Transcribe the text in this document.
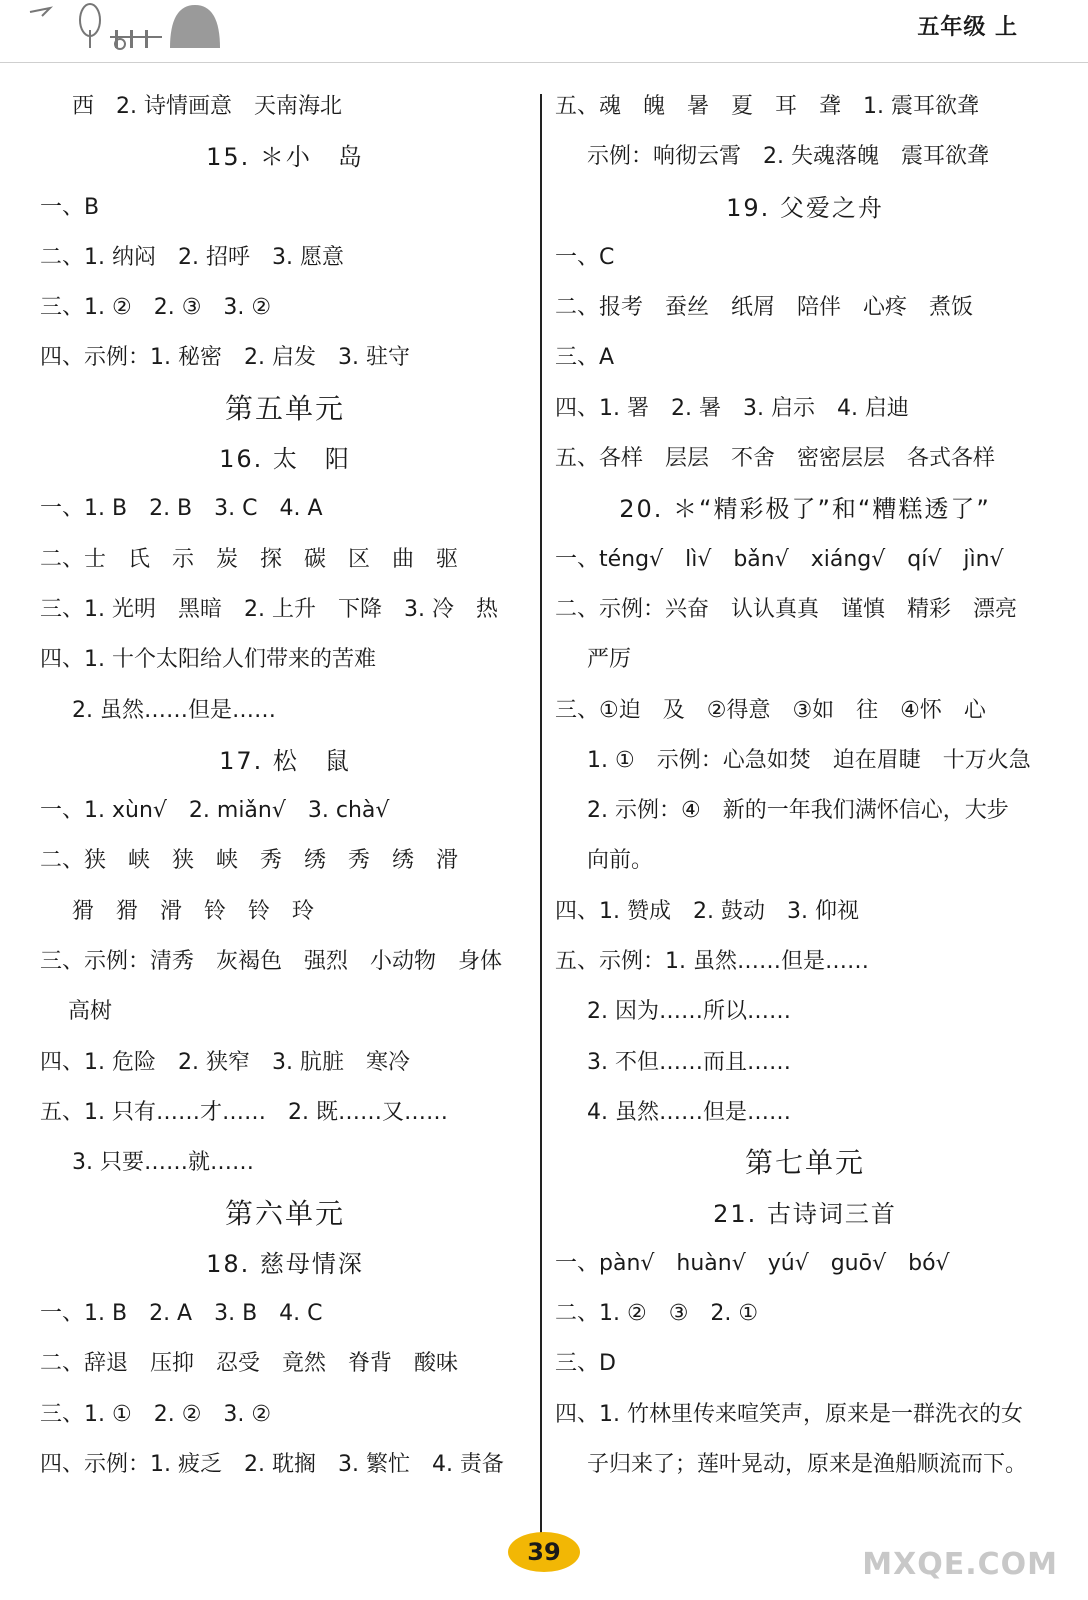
五年级 上
西　2. 诗情画意　天南海北
15. ＊小　岛
一、B
二、1. 纳闷　2. 招呼　3. 愿意
三、1. ②　2. ③　3. ②
四、示例：1. 秘密　2. 启发　3. 驻守
第五单元
16. 太　阳
一、1. B　2. B　3. C　4. A
二、士　氏　示　炭　探　碳　区　曲　驱
三、1. 光明　黑暗　2. 上升　下降　3. 冷　热
四、1. 十个太阳给人们带来的苦难
2. 虽然……但是……
17. 松　鼠
一、1. xùn√　2. miǎn√　3. chà√
二、狭　峡　狭　峡　秀　绣　秀　绣　滑
猾　猾　滑　铃　铃　玲
三、示例：清秀　灰褐色　强烈　小动物　身体
高树
四、1. 危险　2. 狭窄　3. 肮脏　寒冷
五、1. 只有……才……　2. 既……又……
3. 只要……就……
第六单元
18. 慈母情深
一、1. B　2. A　3. B　4. C
二、辞退　压抑　忍受　竟然　脊背　酸味
三、1. ①　2. ②　3. ②
四、示例：1. 疲乏　2. 耽搁　3. 繁忙　4. 责备
五、魂　魄　暑　夏　耳　聋　1. 震耳欲聋
示例：响彻云霄　2. 失魂落魄　震耳欲聋
19. 父爱之舟
一、C
二、报考　蚕丝　纸屑　陪伴　心疼　煮饭
三、A
四、1. 署　2. 暑　3. 启示　4. 启迪
五、各样　层层　不舍　密密层层　各式各样
20. ＊“精彩极了”和“糟糕透了”
一、téng√　lì√　bǎn√　xiáng√　qí√　jìn√
二、示例：兴奋　认认真真　谨慎　精彩　漂亮
严厉
三、①迫　及　②得意　③如　往　④怀　心
1. ①　示例：心急如焚　迫在眉睫　十万火急
2. 示例：④　新的一年我们满怀信心，大步
向前。
四、1. 赞成　2. 鼓动　3. 仰视
五、示例：1. 虽然……但是……
2. 因为……所以……
3. 不但……而且……
4. 虽然……但是……
第七单元
21. 古诗词三首
一、pàn√　huàn√　yú√　guō√　bó√
二、1. ②　③　2. ①
三、D
四、1. 竹林里传来喧笑声，原来是一群洗衣的女
子归来了；莲叶晃动，原来是渔船顺流而下。
39	MXQE.COM
